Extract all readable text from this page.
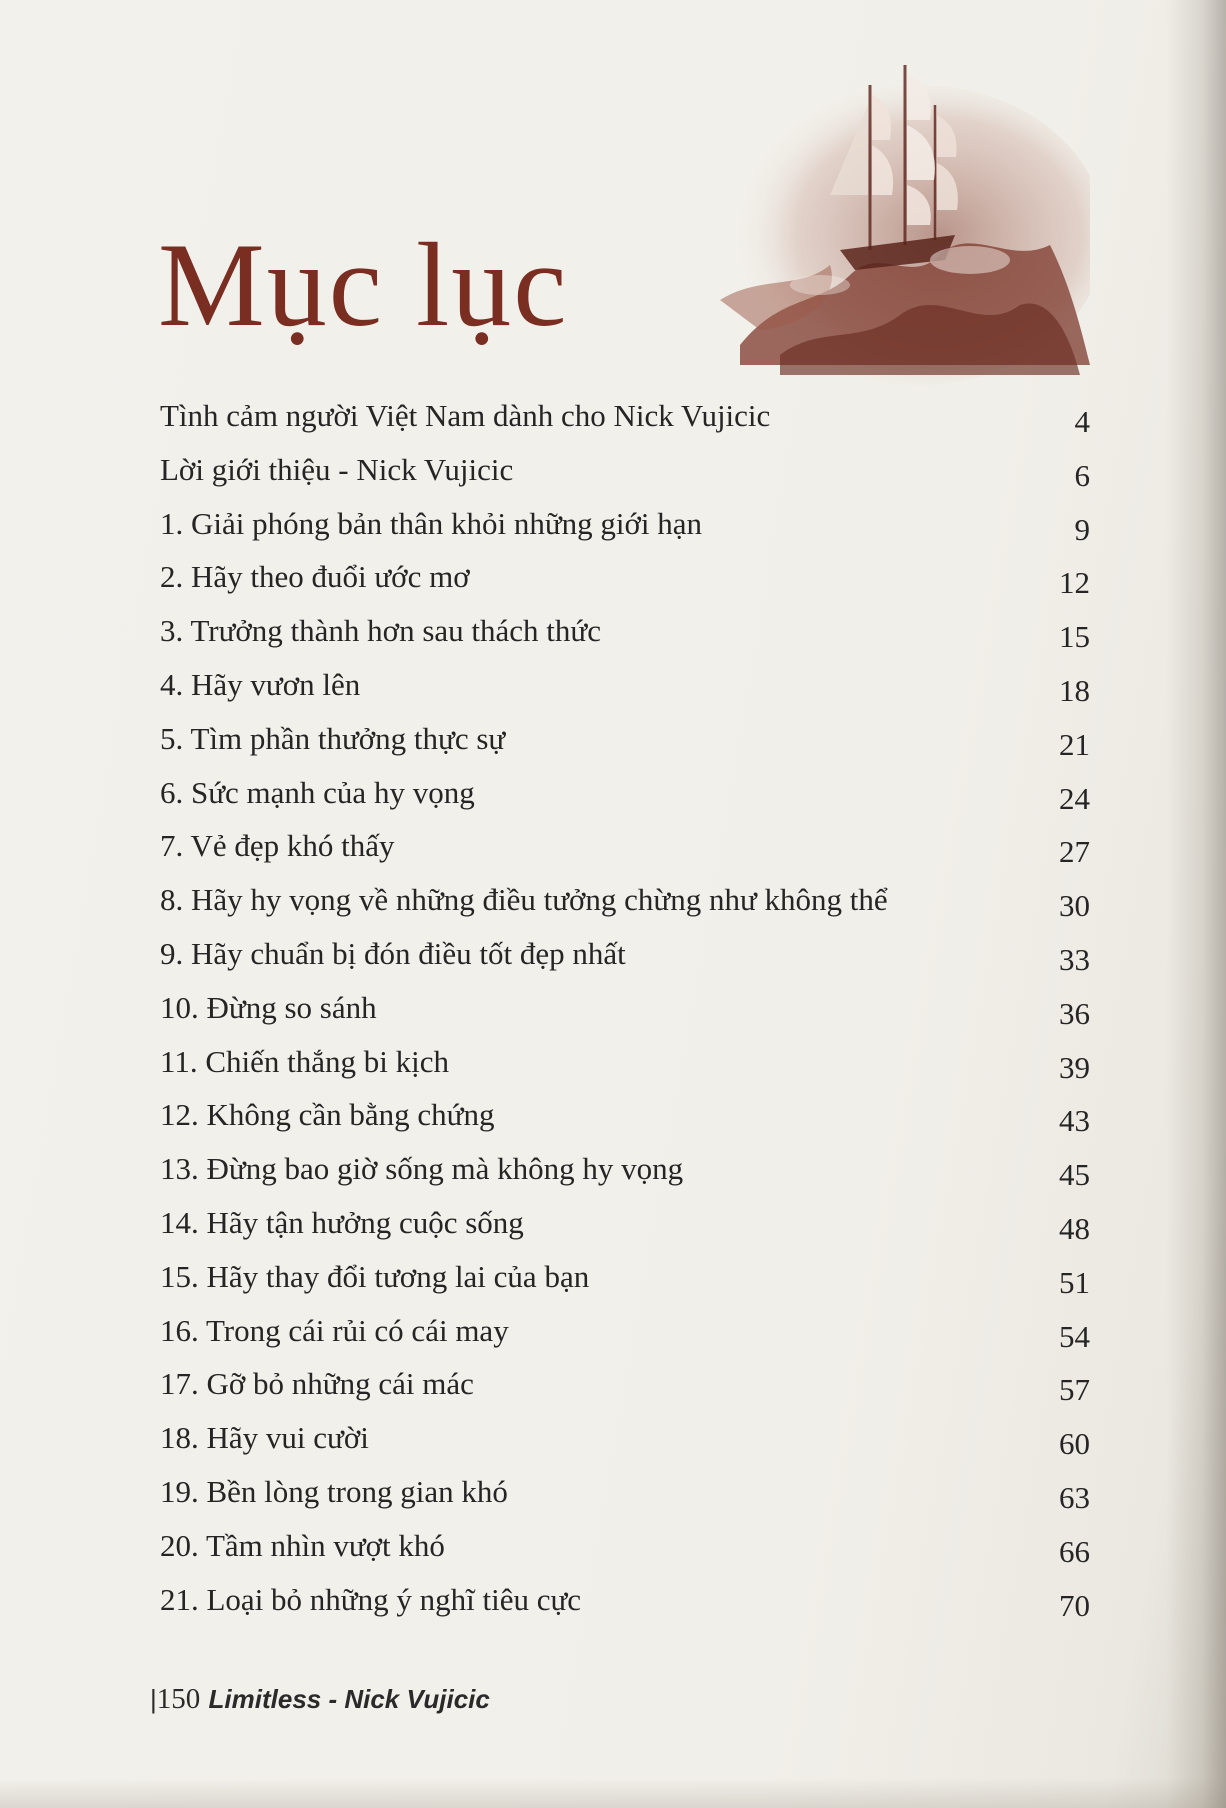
Mục lục
Tình cảm người Việt Nam dành cho Nick Vujicic	4
Lời giới thiệu - Nick Vujicic	6
1. Giải phóng bản thân khỏi những giới hạn	9
2. Hãy theo đuổi ước mơ	12
3. Trưởng thành hơn sau thách thức	15
4. Hãy vươn lên	18
5. Tìm phần thưởng thực sự	21
6. Sức mạnh của hy vọng	24
7. Vẻ đẹp khó thấy	27
8. Hãy hy vọng về những điều tưởng chừng như không thể	30
9. Hãy chuẩn bị đón điều tốt đẹp nhất	33
10. Đừng so sánh	36
11. Chiến thắng bi kịch	39
12. Không cần bằng chứng	43
13. Đừng bao giờ sống mà không hy vọng	45
14. Hãy tận hưởng cuộc sống	48
15. Hãy thay đổi tương lai của bạn	51
16. Trong cái rủi có cái may	54
17. Gỡ bỏ những cái mác	57
18. Hãy vui cười	60
19. Bền lòng trong gian khó	63
20. Tầm nhìn vượt khó	66
21. Loại bỏ những ý nghĩ tiêu cực	70
|150 Limitless - Nick Vujicic
